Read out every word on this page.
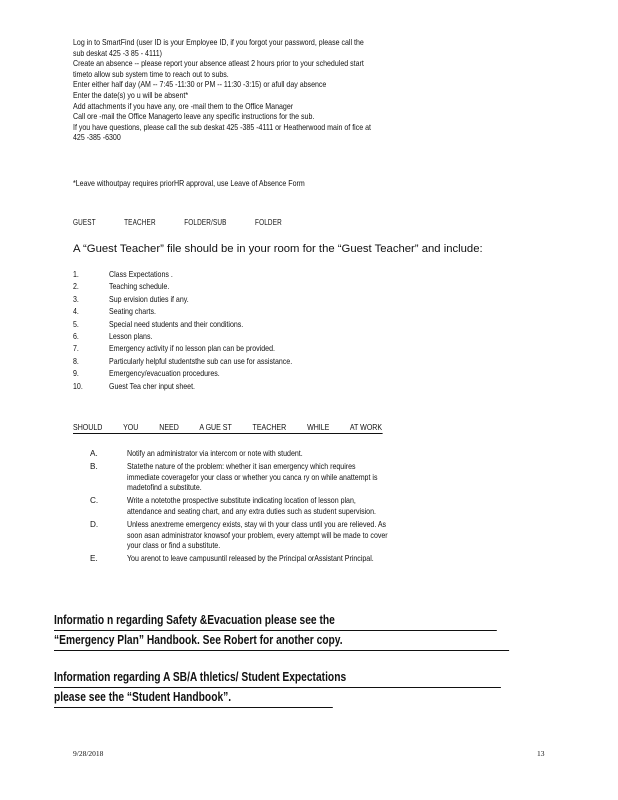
Log in to SmartFind (user ID is your Employee ID, if you forgot your password, please call the
sub deskat 425 -3 85 - 4111)
Create an absence -- please report your absence atleast 2 hours prior to your scheduled start
timeto allow sub system time to reach out to subs.
Enter either half day (AM -- 7:45 -11:30 or PM -- 11:30 -3:15) or afull day absence
Enter the date(s) yo u will be absent*
Add attachments if you have any, ore -mail them to the Office Manager
Call ore -mail the Office Managerto leave any specific instructions for the sub.
If you have questions, please call the sub deskat 425 -385 -4111 or Heatherwood main of fice at
425 -385 -6300
*Leave withoutpay requires priorHR approval, use Leave of Absence Form
GUEST	TEACHER	FOLDER/SUB	FOLDER
A “Guest Teacher” file should be in your room for the “Guest Teacher” and include:
1.	Class Expectations .
2.	Teaching schedule.
3.	Sup ervision duties if any.
4.	Seating charts.
5.	Special need students and their conditions.
6.	Lesson plans.
7.	Emergency activity if no lesson plan can be provided.
8.	Particularly helpful studentsthe sub can use for assistance.
9.	Emergency/evacuation procedures.
10.	Guest Tea cher input sheet.
SHOULD	YOU	NEED A GUE ST	TEACHER	WHILE AT WORK
A.	Notify an administrator via intercom or note with student.
B.	Statethe nature of the problem: whether it isan emergency which requires
immediate coveragefor your class or whether you canca ry on while anattempt is
madetofind a substitute.
C.	Write a notetothe prospective substitute indicating location of lesson plan,
attendance and seating chart, and any extra duties such as student supervision.
D.	Unless anextreme emergency exists, stay wi th your class until you are relieved. As
soon asan administrator knowsof your problem, every attempt will be made to cover
your class or find a substitute.
E.	You arenot to leave campusuntil released by the Principal orAssistant Principal.
Informatio n regarding Safety &Evacuation please see the
“Emergency Plan” Handbook. See Robert for another copy.
Information regarding A SB/A thletics/ Student Expectations
please see the “Student Handbook”.
9/28/2018	13
